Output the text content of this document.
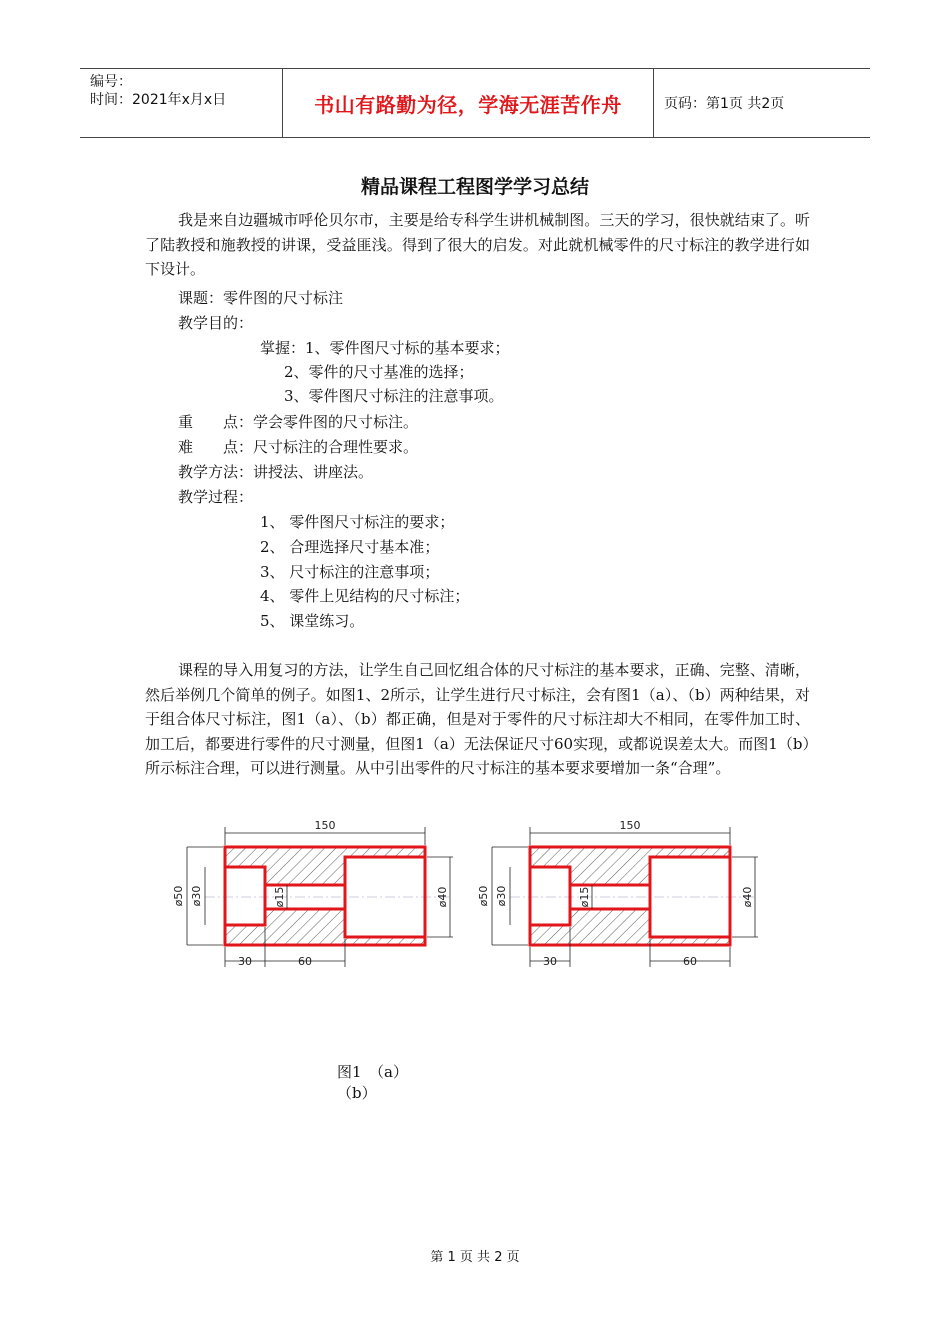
编号：
时间：2021年x月x日	书山有路勤为径，学海无涯苦作舟	页码：第1页 共2页
精品课程工程图学学习总结

我是来自边疆城市呼伦贝尔市，主要是给专科学生讲机械制图。三天的学习，很快就结束了。听了陆教授和施教授的讲课，受益匪浅。得到了很大的启发。对此就机械零件的尺寸标注的教学进行如下设计。

课题：零件图的尺寸标注
教学目的：
掌握：1、零件图尺寸标的基本要求；
2、零件的尺寸基准的选择；
3、零件图尺寸标注的注意事项。
重　　点：学会零件图的尺寸标注。
难　　点：尺寸标注的合理性要求。
教学方法：讲授法、讲座法。
教学过程：
1、 零件图尺寸标注的要求；
2、 合理选择尺寸基本准；
3、 尺寸标注的注意事项；
4、 零件上见结构的尺寸标注；
5、 课堂练习。

课程的导入用复习的方法，让学生自己回忆组合体的尺寸标注的基本要求，正确、完整、清晰，然后举例几个简单的例子。如图1、2所示，让学生进行尺寸标注，会有图1（a）、（b）两种结果，对于组合体尺寸标注，图1（a）、（b）都正确，但是对于零件的尺寸标注却大不相同，在零件加工时、加工后，都要进行零件的尺寸测量，但图1（a）无法保证尺寸60实现，或都说误差太大。而图1（b）所示标注合理，可以进行测量。从中引出零件的尺寸标注的基本要求要增加一条“合理”。

150
ø50 ø30	ø15	ø40
30	60
150
ø50 ø30	ø15	ø40
30	60
图1　（a）
（b）
第 1 页 共 2 页
